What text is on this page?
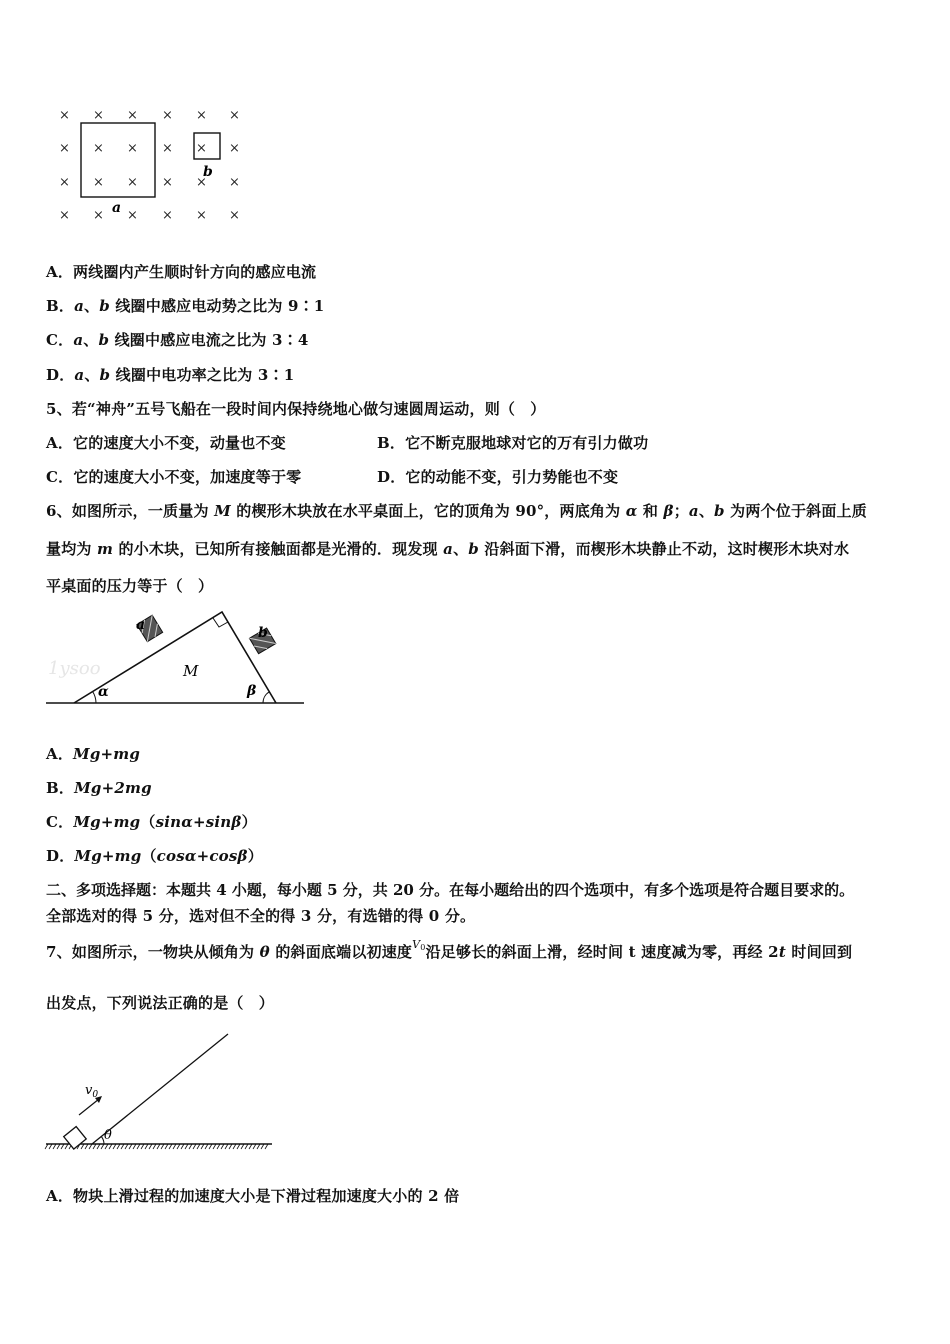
× × × × × ×
× × × × × ×
× × × × × ×
× × × × × ×
a
b
A．两线圈内产生顺时针方向的感应电流
B．a、b 线圈中感应电动势之比为 9∶1
C．a、b 线圈中感应电流之比为 3∶4
D．a、b 线圈中电功率之比为 3∶1
5、若“神舟”五号飞船在一段时间内保持绕地心做匀速圆周运动，则（　）
A．它的速度大小不变，动量也不变	B．它不断克服地球对它的万有引力做功
C．它的速度大小不变，加速度等于零	D．它的动能不变，引力势能也不变
6、如图所示，一质量为 M 的楔形木块放在水平桌面上，它的顶角为 90°，两底角为 α 和 β；a、b 为两个位于斜面上质
量均为 m 的小木块，已知所有接触面都是光滑的．现发现 a、b 沿斜面下滑，而楔形木块静止不动，这时楔形木块对水
平桌面的压力等于（　）
1ysoo
a	b
M
α	β
A．Mg+mg
B．Mg+2mg
C．Mg+mg（sinα+sinβ）
D．Mg+mg（cosα+cosβ）
二、多项选择题：本题共 4 小题，每小题 5 分，共 20 分。在每小题给出的四个选项中，有多个选项是符合题目要求的。
全部选对的得 5 分，选对但不全的得 3 分，有选错的得 0 分。
7、如图所示，一物块从倾角为 θ 的斜面底端以初速度$^{V0}$沿足够长的斜面上滑，经时间 t 速度减为零，再经 2t 时间回到
出发点，下列说法正确的是（　）
$v_0$
θ
A．物块上滑过程的加速度大小是下滑过程加速度大小的 2 倍
